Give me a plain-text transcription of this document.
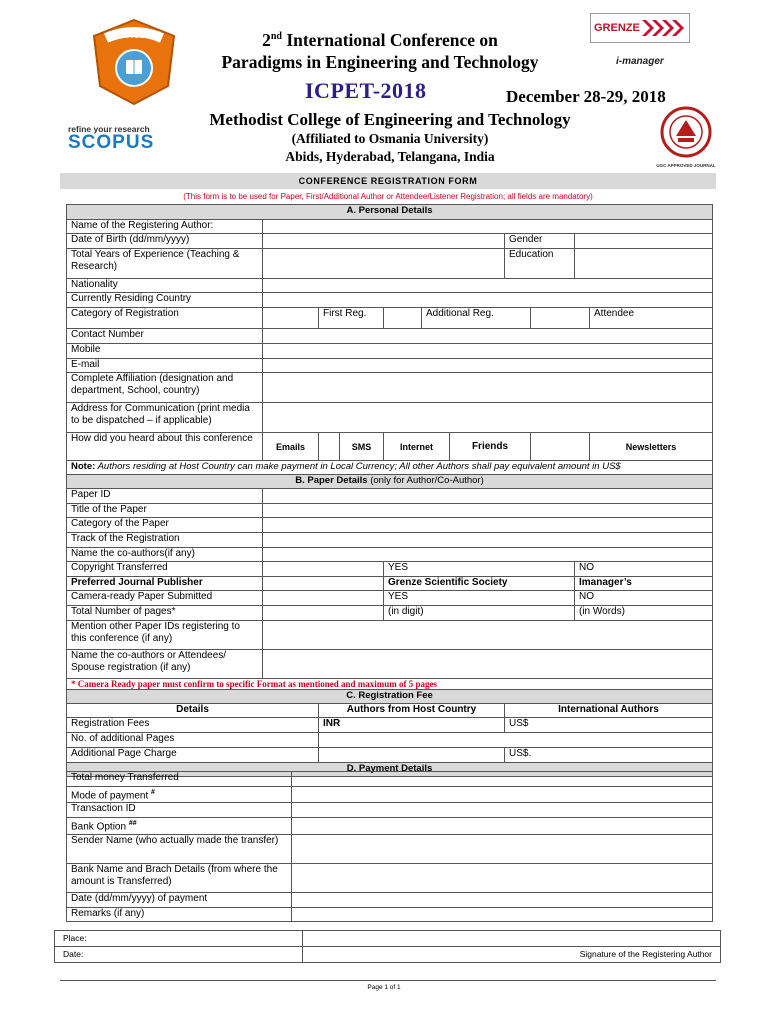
METHODIST	2nd International Conference on
Paradigms in Engineering and Technology
ICPET-2018	December 28-29, 2018
Methodist College of Engineering and Technology
(Affiliated to Osmania University)
Abids, Hyderabad, Telangana, India
refine your research
SCOPUS
GRENZE
i-manager
UGC APPROVED JOURNAL
CONFERENCE REGISTRATION FORM
(This form is to be used for Paper, First/Additional Author or Attendee/Listener Registration; all fields are mandatory)
A. Personal Details										
Name of the Registering Author:										
Date of Birth (dd/mm/yyyy)							Gender			
Total Years of Experience (Teaching & Research)							Education			
Nationality										
Currently Residing Country										
Category of Registration		First Reg.			Additional Reg.					Attendee
Contact Number										
Mobile										
E-mail										
Complete Affiliation (designation and department, School, country)										
Address for Communication (print media to be dispatched – if applicable)										
How did you heard about this conference	Emails		SMS	Internet		Friends				Newsletters
Note: Authors residing at Host Country can make payment in Local Currency; All other Authors shall pay equivalent amount in US$										
B. Paper Details (only for Author/Co-Author)										
Paper ID										
Title of the Paper										
Category of the Paper										
Track of the Registration										
Name the co-authors(if any)										
Copyright Transferred				YES					NO	
Preferred Journal Publisher				Grenze Scientific Society					Imanager’s	
Camera-ready Paper Submitted				YES					NO	
Total Number of pages*				(in digit)					(in Words)	
Mention other Paper IDs registering to this conference (if any)										
Name the co-authors or Attendees/ Spouse registration (if any)										
* Camera Ready paper must confirm to specific Format as mentioned and maximum of 5 pages										
C. Registration Fee										
Details		Authors from Host Country					International Authors			
Registration Fees		INR					US$			
No. of additional Pages										
Additional Page Charge							US$.			
D. Payment Details										
Total money Transferred	
Mode of payment #	
Transaction ID	
Bank Option ##	
Sender Name (who actually made the transfer)	
Bank Name and Brach Details (from where the amount is Transferred)	
Date (dd/mm/yyyy) of payment	
Remarks (if any)	
Place:	
Date:	Signature of the Registering Author
Page 1 of 1
